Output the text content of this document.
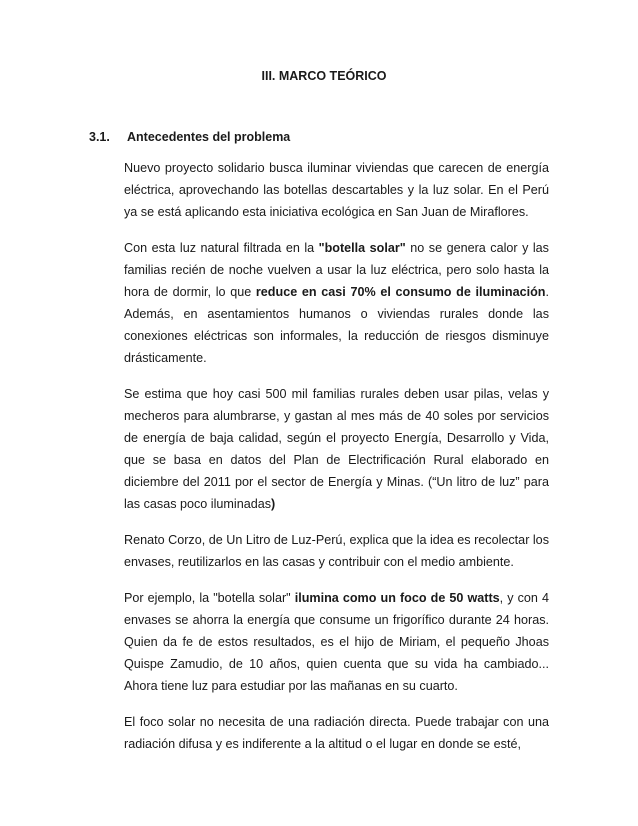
III. MARCO TEÓRICO
3.1. Antecedentes del problema

Nuevo proyecto solidario busca iluminar viviendas que carecen de energía eléctrica, aprovechando las botellas descartables y la luz solar. En el Perú ya se está aplicando esta iniciativa ecológica en San Juan de Miraflores.

Con esta luz natural filtrada en la "botella solar" no se genera calor y las familias recién de noche vuelven a usar la luz eléctrica, pero solo hasta la hora de dormir, lo que reduce en casi 70% el consumo de iluminación. Además, en asentamientos humanos o viviendas rurales donde las conexiones eléctricas son informales, la reducción de riesgos disminuye drásticamente.

Se estima que hoy casi 500 mil familias rurales deben usar pilas, velas y mecheros para alumbrarse, y gastan al mes más de 40 soles por servicios de energía de baja calidad, según el proyecto Energía, Desarrollo y Vida, que se basa en datos del Plan de Electrificación Rural elaborado en diciembre del 2011 por el sector de Energía y Minas. (“Un litro de luz” para las casas poco iluminadas)

Renato Corzo, de Un Litro de Luz-Perú, explica que la idea es recolectar los envases, reutilizarlos en las casas y contribuir con el medio ambiente.

Por ejemplo, la "botella solar" ilumina como un foco de 50 watts, y con 4 envases se ahorra la energía que consume un frigorífico durante 24 horas. Quien da fe de estos resultados, es el hijo de Miriam, el pequeño Jhoas Quispe Zamudio, de 10 años, quien cuenta que su vida ha cambiado... Ahora tiene luz para estudiar por las mañanas en su cuarto.

El foco solar no necesita de una radiación directa. Puede trabajar con una radiación difusa y es indiferente a la altitud o el lugar en donde se esté,
